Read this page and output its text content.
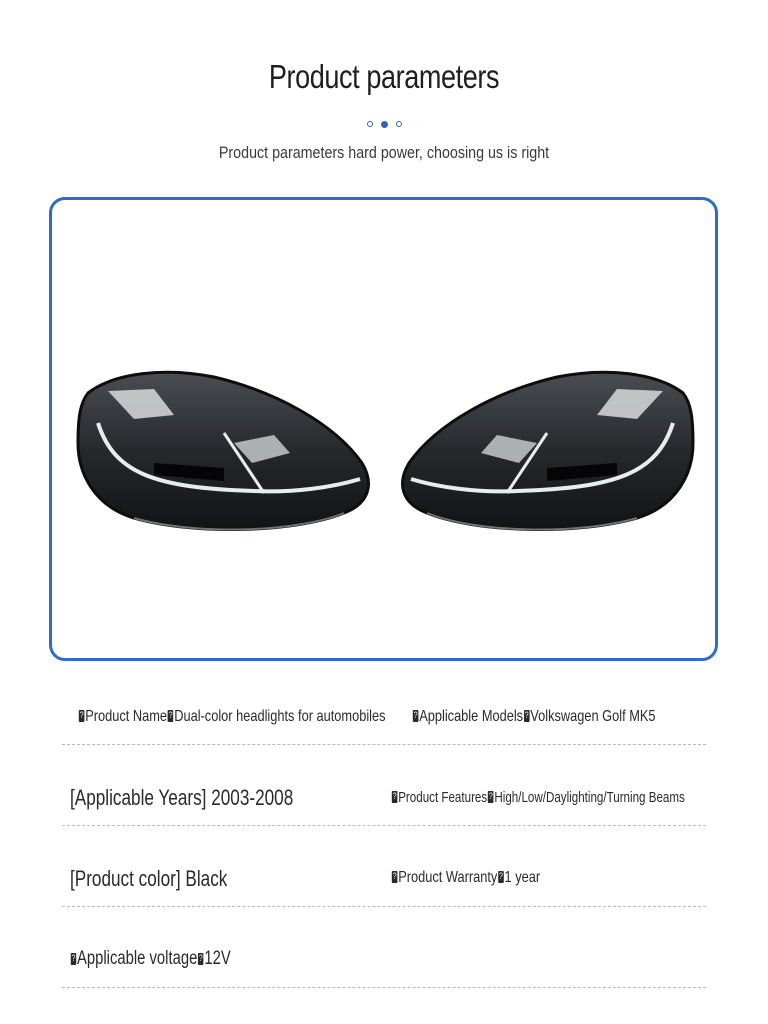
Product parameters
Product parameters hard power, choosing us is right
?Product Name ? Dual-color headlights for automobiles ?	Applicable Models ? Volkswagen Golf MK5
[Applicable Years] 2003-2008 ?	Product Features ? High/Low/Daylighting/Turning Beams
[Product color] Black ?	Product Warranty ? 1 year
?Applicable voltage ? 12V
